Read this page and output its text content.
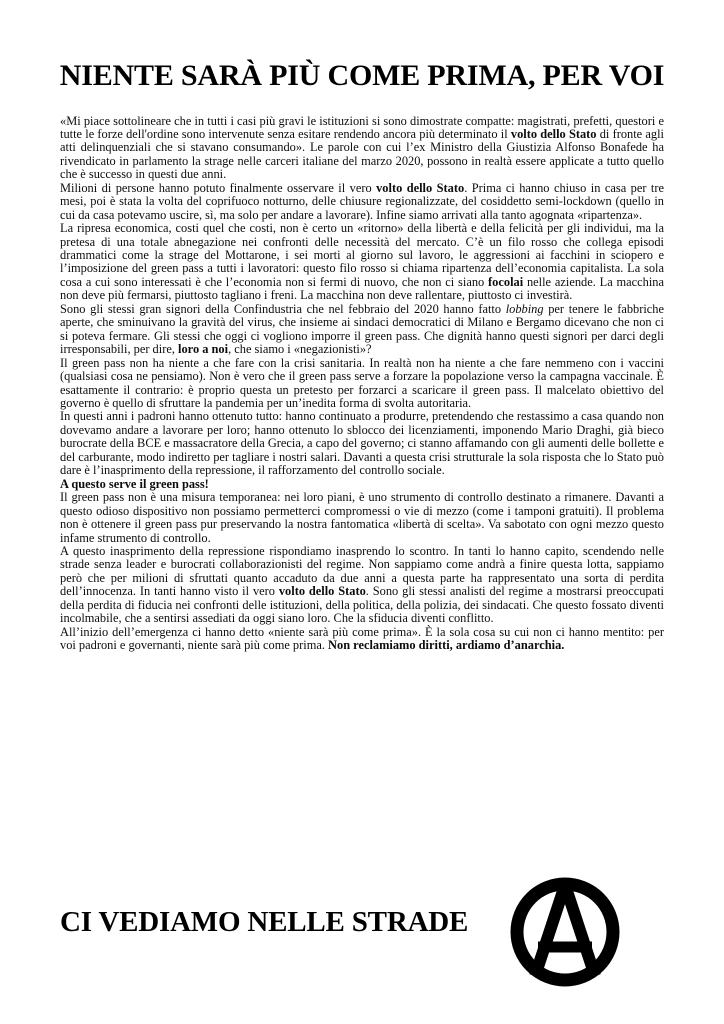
NIENTE SARÀ PIÙ COME PRIMA, PER VOI

«Mi piace sottolineare che in tutti i casi più gravi le istituzioni si sono dimostrate compatte: magistrati, prefetti, questori e tutte le forze dell'ordine sono intervenute senza esitare rendendo ancora più determinato il volto dello Stato di fronte agli atti delinquenziali che si stavano consumando». Le parole con cui l’ex Ministro della Giustizia Alfonso Bonafede ha rivendicato in parlamento la strage nelle carceri italiane del marzo 2020, possono in realtà essere applicate a tutto quello che è successo in questi due anni.

Milioni di persone hanno potuto finalmente osservare il vero volto dello Stato. Prima ci hanno chiuso in casa per tre mesi, poi è stata la volta del coprifuoco notturno, delle chiusure regionalizzate, del cosiddetto semi-lockdown (quello in cui da casa potevamo uscire, sì, ma solo per andare a lavorare). Infine siamo arrivati alla tanto agognata «ripartenza».

La ripresa economica, costi quel che costi, non è certo un «ritorno» della libertà e della felicità per gli individui, ma la pretesa di una totale abnegazione nei confronti delle necessità del mercato. C’è un filo rosso che collega episodi drammatici come la strage del Mottarone, i sei morti al giorno sul lavoro, le aggressioni ai facchini in sciopero e l’imposizione del green pass a tutti i lavoratori: questo filo rosso si chiama ripartenza dell’economia capitalista. La sola cosa a cui sono interessati è che l’economia non si fermi di nuovo, che non ci siano focolai nelle aziende. La macchina non deve più fermarsi, piuttosto tagliano i freni. La macchina non deve rallentare, piuttosto ci investirà.

Sono gli stessi gran signori della Confindustria che nel febbraio del 2020 hanno fatto lobbing per tenere le fabbriche aperte, che sminuivano la gravità del virus, che insieme ai sindaci democratici di Milano e Bergamo dicevano che non ci si poteva fermare. Gli stessi che oggi ci vogliono imporre il green pass. Che dignità hanno questi signori per darci degli irresponsabili, per dire, loro a noi, che siamo i «negazionisti»?

Il green pass non ha niente a che fare con la crisi sanitaria. In realtà non ha niente a che fare nemmeno con i vaccini (qualsiasi cosa ne pensiamo). Non è vero che il green pass serve a forzare la popolazione verso la campagna vaccinale. È esattamente il contrario: è proprio questa un pretesto per forzarci a scaricare il green pass. Il malcelato obiettivo del governo è quello di sfruttare la pandemia per un’inedita forma di svolta autoritaria.

In questi anni i padroni hanno ottenuto tutto: hanno continuato a produrre, pretendendo che restassimo a casa quando non dovevamo andare a lavorare per loro; hanno ottenuto lo sblocco dei licenziamenti, imponendo Mario Draghi, già bieco burocrate della BCE e massacratore della Grecia, a capo del governo; ci stanno affamando con gli aumenti delle bollette e del carburante, modo indiretto per tagliare i nostri salari. Davanti a questa crisi strutturale la sola risposta che lo Stato può dare è l’inasprimento della repressione, il rafforzamento del controllo sociale.

A questo serve il green pass!

Il green pass non è una misura temporanea: nei loro piani, è uno strumento di controllo destinato a rimanere. Davanti a questo odioso dispositivo non possiamo permetterci compromessi o vie di mezzo (come i tamponi gratuiti). Il problema non è ottenere il green pass pur preservando la nostra fantomatica «libertà di scelta». Va sabotato con ogni mezzo questo infame strumento di controllo.

A questo inasprimento della repressione rispondiamo inasprendo lo scontro. In tanti lo hanno capito, scendendo nelle strade senza leader e burocrati collaborazionisti del regime. Non sappiamo come andrà a finire questa lotta, sappiamo però che per milioni di sfruttati quanto accaduto da due anni a questa parte ha rappresentato una sorta di perdita dell’innocenza. In tanti hanno visto il vero volto dello Stato. Sono gli stessi analisti del regime a mostrarsi preoccupati della perdita di fiducia nei confronti delle istituzioni, della politica, della polizia, dei sindacati. Che questo fossato diventi incolmabile, che a sentirsi assediati da oggi siano loro. Che la sfiducia diventi conflitto.

All’inizio dell’emergenza ci hanno detto «niente sarà più come prima». È la sola cosa su cui non ci hanno mentito: per voi padroni e governanti, niente sarà più come prima. Non reclamiamo diritti, ardiamo d’anarchia.

CI VEDIAMO NELLE STRADE
